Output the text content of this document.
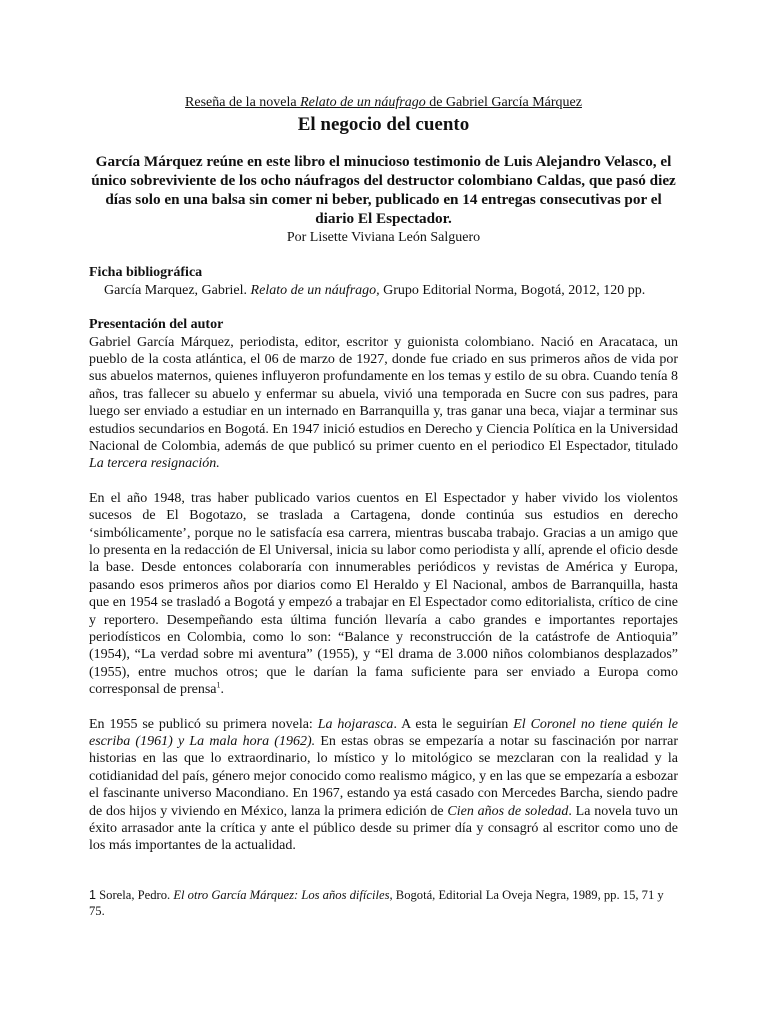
Reseña de la novela Relato de un náufrago de Gabriel García Márquez
El negocio del cuento
García Márquez reúne en este libro el minucioso testimonio de Luis Alejandro Velasco, el único sobreviviente de los ocho náufragos del destructor colombiano Caldas, que pasó diez días solo en una balsa sin comer ni beber, publicado en 14 entregas consecutivas por el diario El Espectador.
Por Lisette Viviana León Salguero
Ficha bibliográfica
García Marquez, Gabriel. Relato de un náufrago, Grupo Editorial Norma, Bogotá, 2012, 120 pp.
Presentación del autor

Gabriel García Márquez, periodista, editor, escritor y guionista colombiano. Nació en Aracataca, un pueblo de la costa atlántica, el 06 de marzo de 1927, donde fue criado en sus primeros años de vida por sus abuelos maternos, quienes influyeron profundamente en los temas y estilo de su obra. Cuando tenía 8 años, tras fallecer su abuelo y enfermar su abuela, vivió una temporada en Sucre con sus padres, para luego ser enviado a estudiar en un internado en Barranquilla y, tras ganar una beca, viajar a terminar sus estudios secundarios en Bogotá. En 1947 inició estudios en Derecho y Ciencia Política en la Universidad Nacional de Colombia, además de que publicó su primer cuento en el periodico El Espectador, titulado La tercera resignación.

En el año 1948, tras haber publicado varios cuentos en El Espectador y haber vivido los violentos sucesos de El Bogotazo, se traslada a Cartagena, donde continúa sus estudios en derecho ‘simbólicamente’, porque no le satisfacía esa carrera, mientras buscaba trabajo. Gracias a un amigo que lo presenta en la redacción de El Universal, inicia su labor como periodista y allí, aprende el oficio desde la base. Desde entonces colaboraría con innumerables periódicos y revistas de América y Europa, pasando esos primeros años por diarios como El Heraldo y El Nacional, ambos de Barranquilla, hasta que en 1954 se trasladó a Bogotá y empezó a trabajar en El Espectador como editorialista, crítico de cine y reportero. Desempeñando esta última función llevaría a cabo grandes e importantes reportajes periodísticos en Colombia, como lo son: “Balance y reconstrucción de la catástrofe de Antioquia” (1954), “La verdad sobre mi aventura” (1955), y “El drama de 3.000 niños colombianos desplazados” (1955), entre muchos otros; que le darían la fama suficiente para ser enviado a Europa como corresponsal de prensa$^1$.

En 1955 se publicó su primera novela: La hojarasca. A esta le seguirían El Coronel no tiene quién le escriba (1961) y La mala hora (1962). En estas obras se empezaría a notar su fascinación por narrar historias en las que lo extraordinario, lo místico y lo mitológico se mezclaran con la realidad y la cotidianidad del país, género mejor conocido como realismo mágico, y en las que se empezaría a esbozar el fascinante universo Macondiano. En 1967, estando ya está casado con Mercedes Barcha, siendo padre de dos hijos y viviendo en México, lanza la primera edición de Cien años de soledad. La novela tuvo un éxito arrasador ante la crítica y ante el público desde su primer día y consagró al escritor como uno de los más importantes de la actualidad.

1 Sorela, Pedro. El otro García Márquez: Los años difíciles, Bogotá, Editorial La Oveja Negra, 1989, pp. 15, 71 y 75.
